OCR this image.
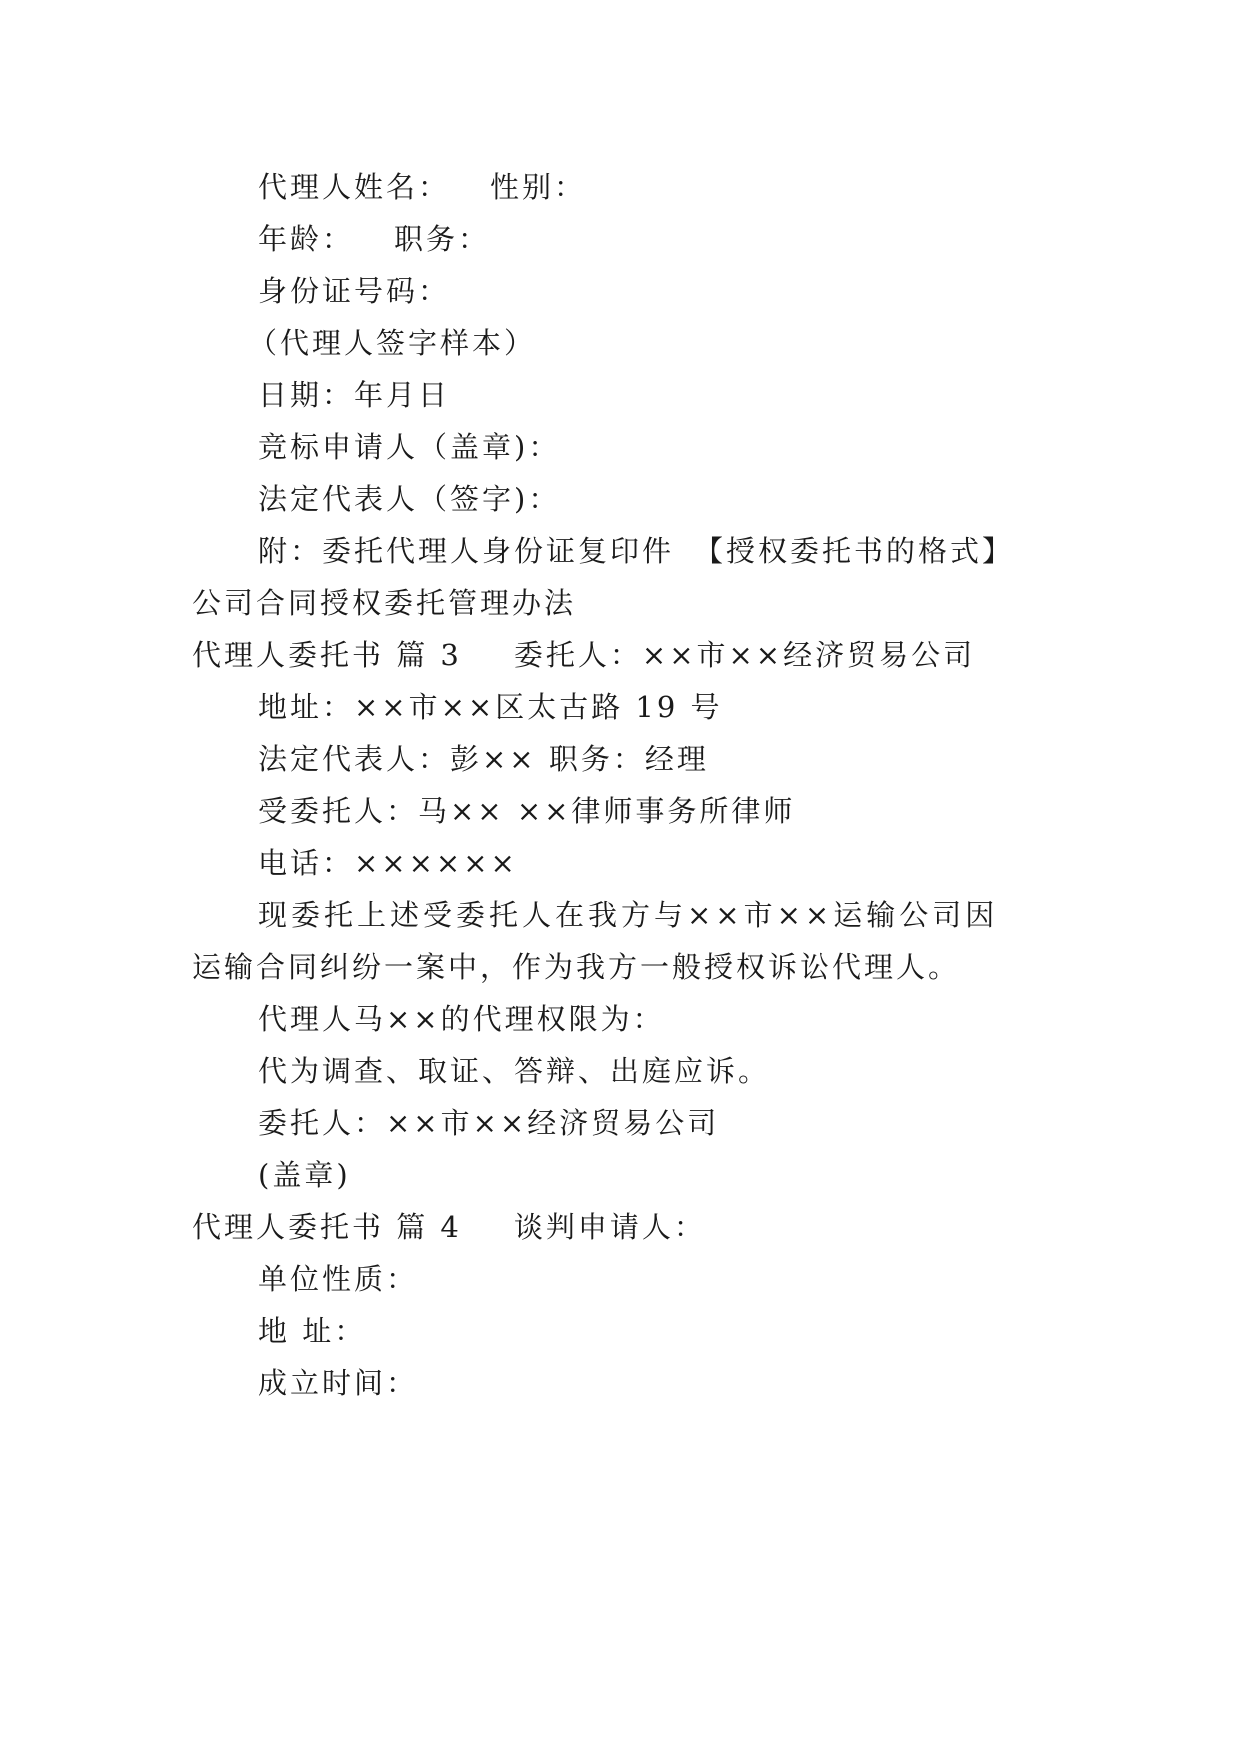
代理人姓名： 性别：
年龄： 职务：
身份证号码：
（代理人签字样本）
日期：年月日
竞标申请人（盖章)：
法定代表人（签字)：
附：委托代理人身份证复印件 【授权委托书的格式】
公司合同授权委托管理办法
代理人委托书 篇 3 委托人：××市××经济贸易公司
地址：××市××区太古路 19 号
法定代表人：彭×× 职务：经理
受委托人：马×× ××律师事务所律师
电话：××××××
现委托上述受委托人在我方与××市××运输公司因
运输合同纠纷一案中，作为我方一般授权诉讼代理人。
代理人马××的代理权限为：
代为调查、取证、答辩、出庭应诉。
委托人：××市××经济贸易公司
(盖章)
代理人委托书 篇 4 谈判申请人：
单位性质：
地 址：
成立时间：
